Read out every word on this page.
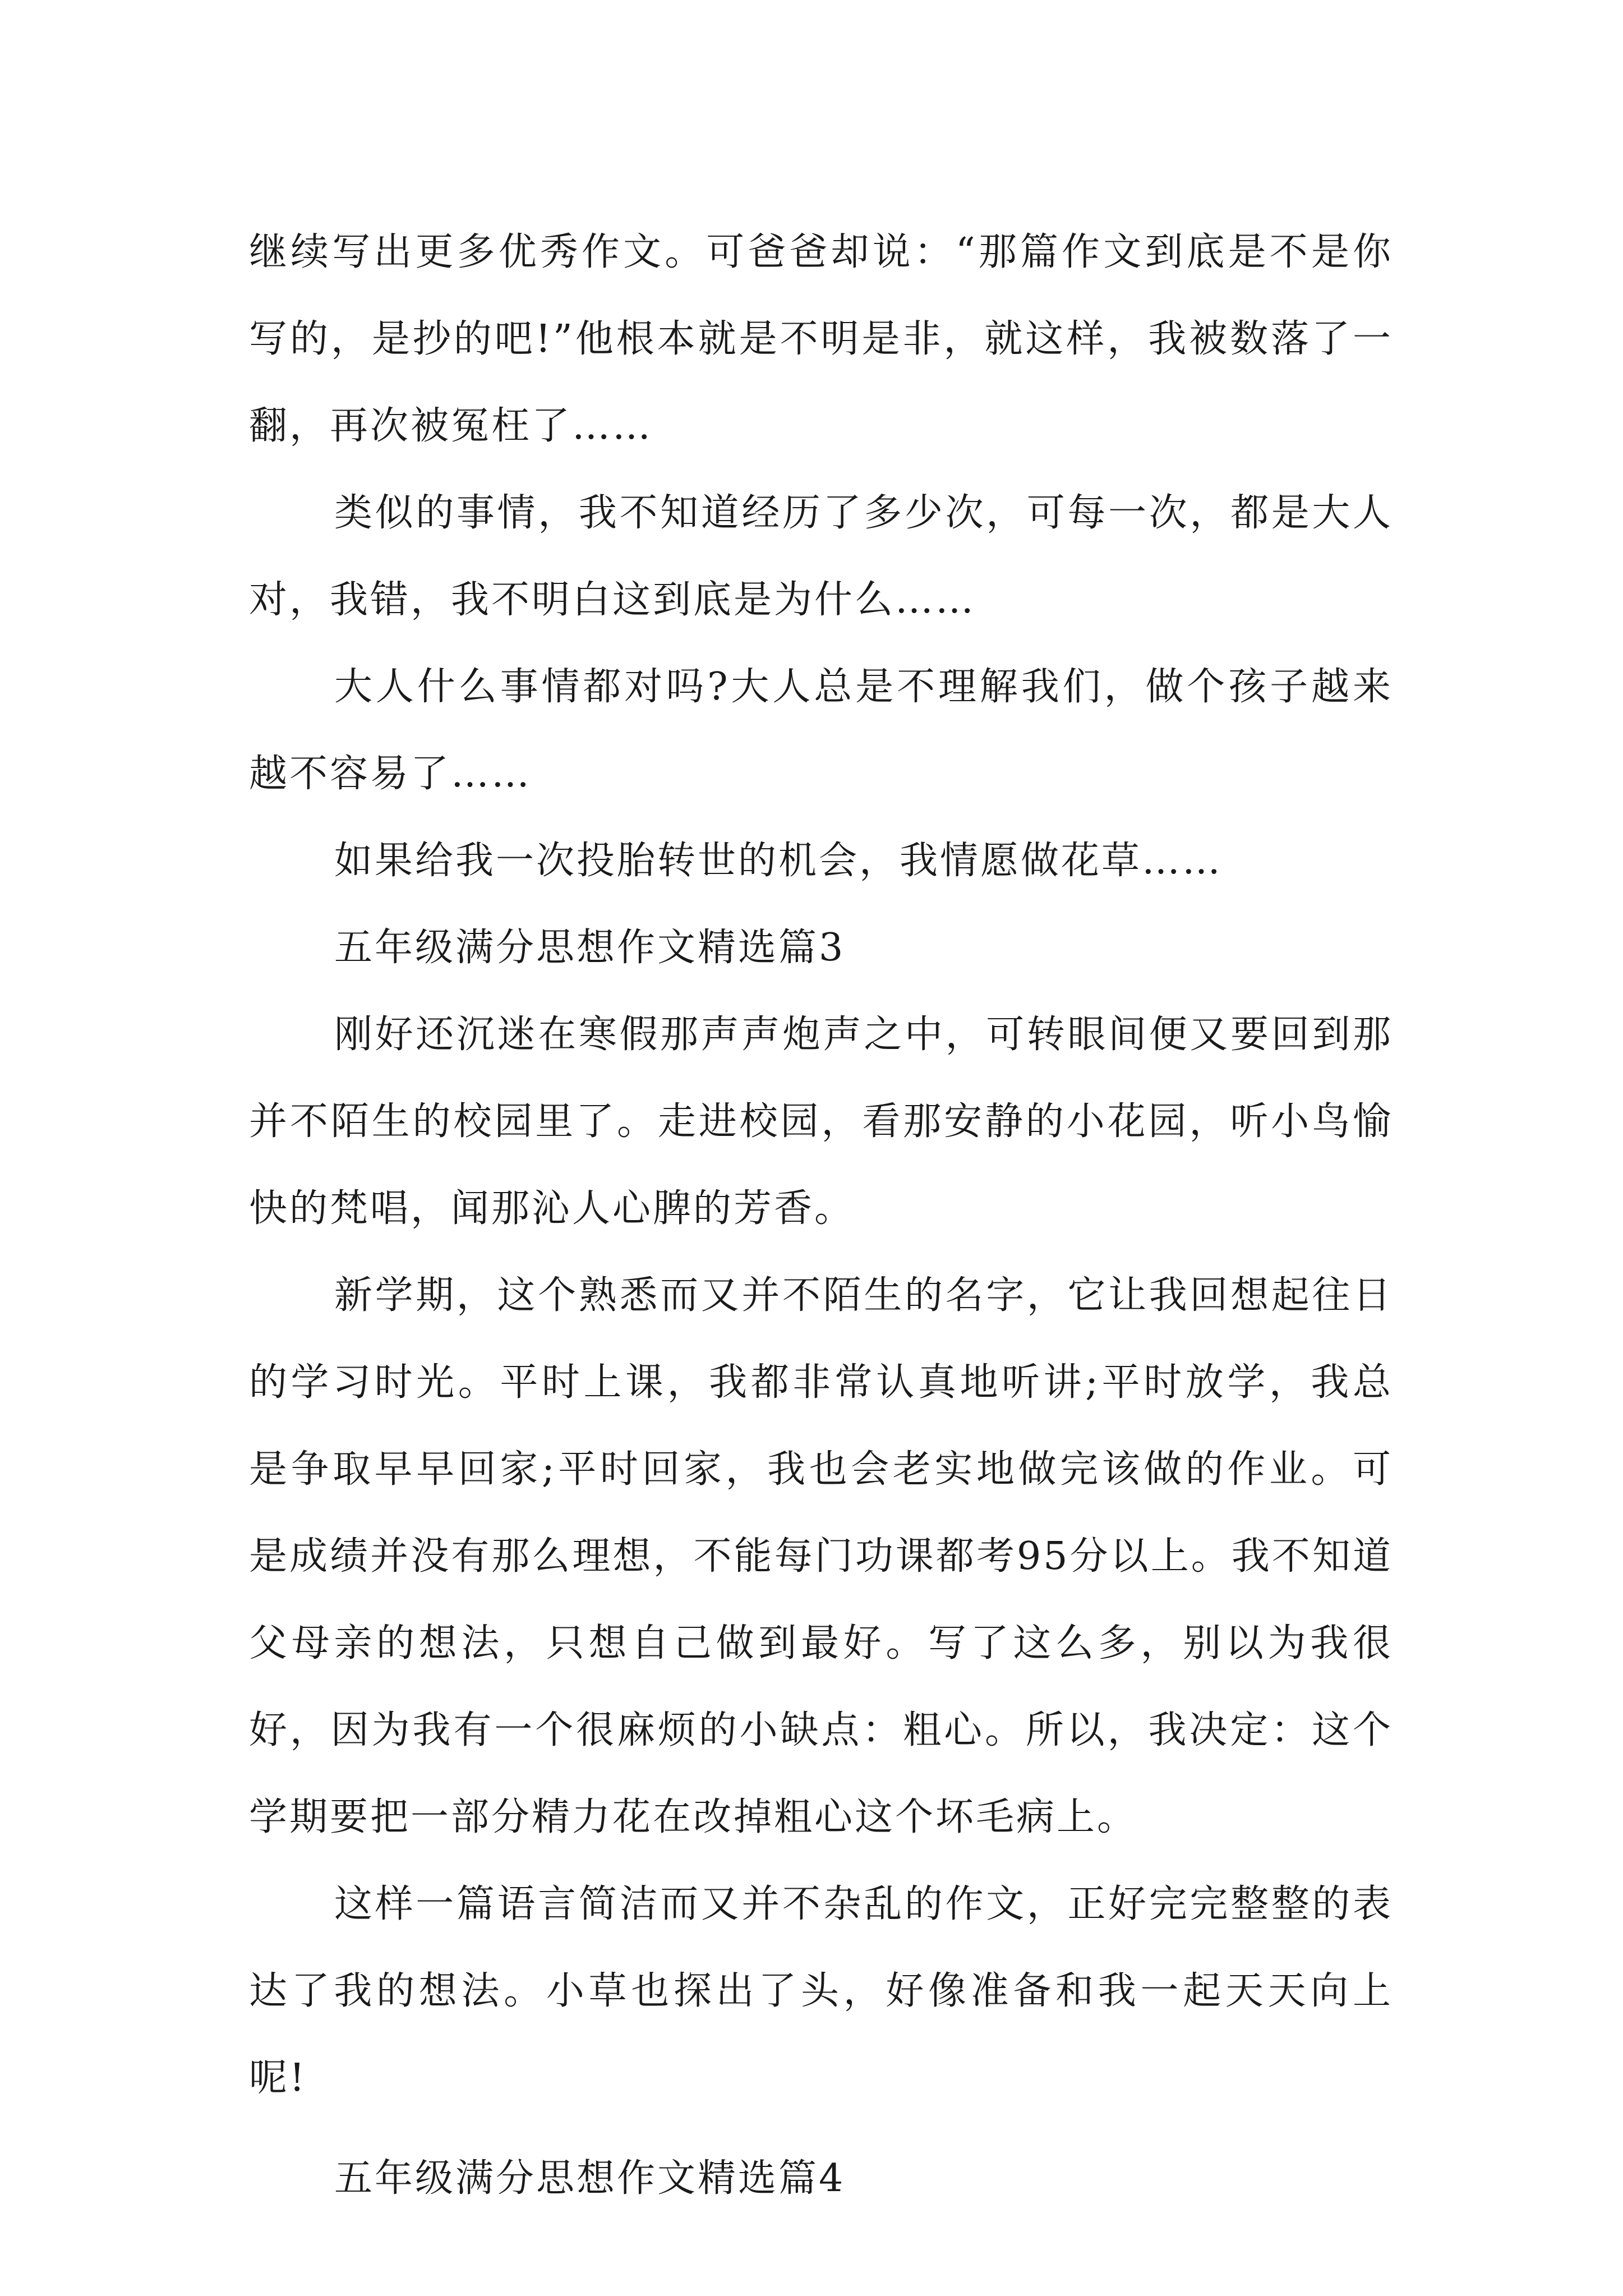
继续写出更多优秀作文。可爸爸却说：“那篇作文到底是不是你写的，是抄的吧!”他根本就是不明是非，就这样，我被数落了一翻，再次被冤枉了……

类似的事情，我不知道经历了多少次，可每一次，都是大人对，我错，我不明白这到底是为什么……

大人什么事情都对吗?大人总是不理解我们，做个孩子越来越不容易了……

如果给我一次投胎转世的机会，我情愿做花草……

五年级满分思想作文精选篇3

刚好还沉迷在寒假那声声炮声之中，可转眼间便又要回到那并不陌生的校园里了。走进校园，看那安静的小花园，听小鸟愉快的梵唱，闻那沁人心脾的芳香。

新学期，这个熟悉而又并不陌生的名字，它让我回想起往日的学习时光。平时上课，我都非常认真地听讲;平时放学，我总是争取早早回家;平时回家，我也会老实地做完该做的作业。可是成绩并没有那么理想，不能每门功课都考95分以上。我不知道父母亲的想法，只想自己做到最好。写了这么多，别以为我很好，因为我有一个很麻烦的小缺点：粗心。所以，我决定：这个学期要把一部分精力花在改掉粗心这个坏毛病上。

这样一篇语言简洁而又并不杂乱的作文，正好完完整整的表达了我的想法。小草也探出了头，好像准备和我一起天天向上呢!

五年级满分思想作文精选篇4
